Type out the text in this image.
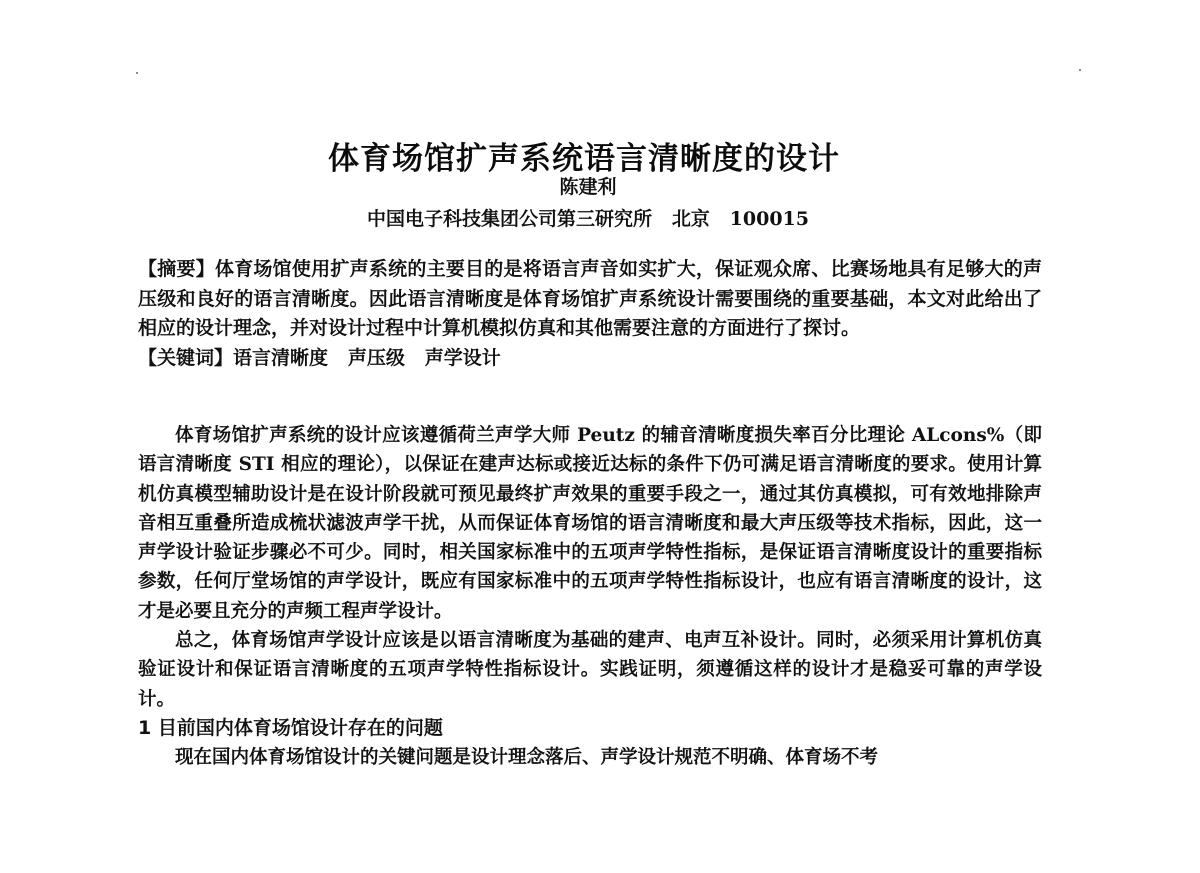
体育场馆扩声系统语言清晰度的设计
陈建利
中国电子科技集团公司第三研究所   北京   100015

【摘要】体育场馆使用扩声系统的主要目的是将语言声音如实扩大，保证观众席、比赛场地具有足够大的声压级和良好的语言清晰度。因此语言清晰度是体育场馆扩声系统设计需要围绕的重要基础，本文对此给出了相应的设计理念，并对设计过程中计算机模拟仿真和其他需要注意的方面进行了探讨。

【关键词】语言清晰度   声压级   声学设计

体育场馆扩声系统的设计应该遵循荷兰声学大师 Peutz 的辅音清晰度损失率百分比理论 ALcons%（即语言清晰度 STI 相应的理论），以保证在建声达标或接近达标的条件下仍可满足语言清晰度的要求。使用计算机仿真模型辅助设计是在设计阶段就可预见最终扩声效果的重要手段之一，通过其仿真模拟，可有效地排除声音相互重叠所造成梳状滤波声学干扰，从而保证体育场馆的语言清晰度和最大声压级等技术指标，因此，这一声学设计验证步骤必不可少。同时，相关国家标准中的五项声学特性指标，是保证语言清晰度设计的重要指标参数，任何厅堂场馆的声学设计，既应有国家标准中的五项声学特性指标设计，也应有语言清晰度的设计，这才是必要且充分的声频工程声学设计。

总之，体育场馆声学设计应该是以语言清晰度为基础的建声、电声互补设计。同时，必须采用计算机仿真验证设计和保证语言清晰度的五项声学特性指标设计。实践证明，须遵循这样的设计才是稳妥可靠的声学设计。

1 目前国内体育场馆设计存在的问题

现在国内体育场馆设计的关键问题是设计理念落后、声学设计规范不明确、体育场不考
